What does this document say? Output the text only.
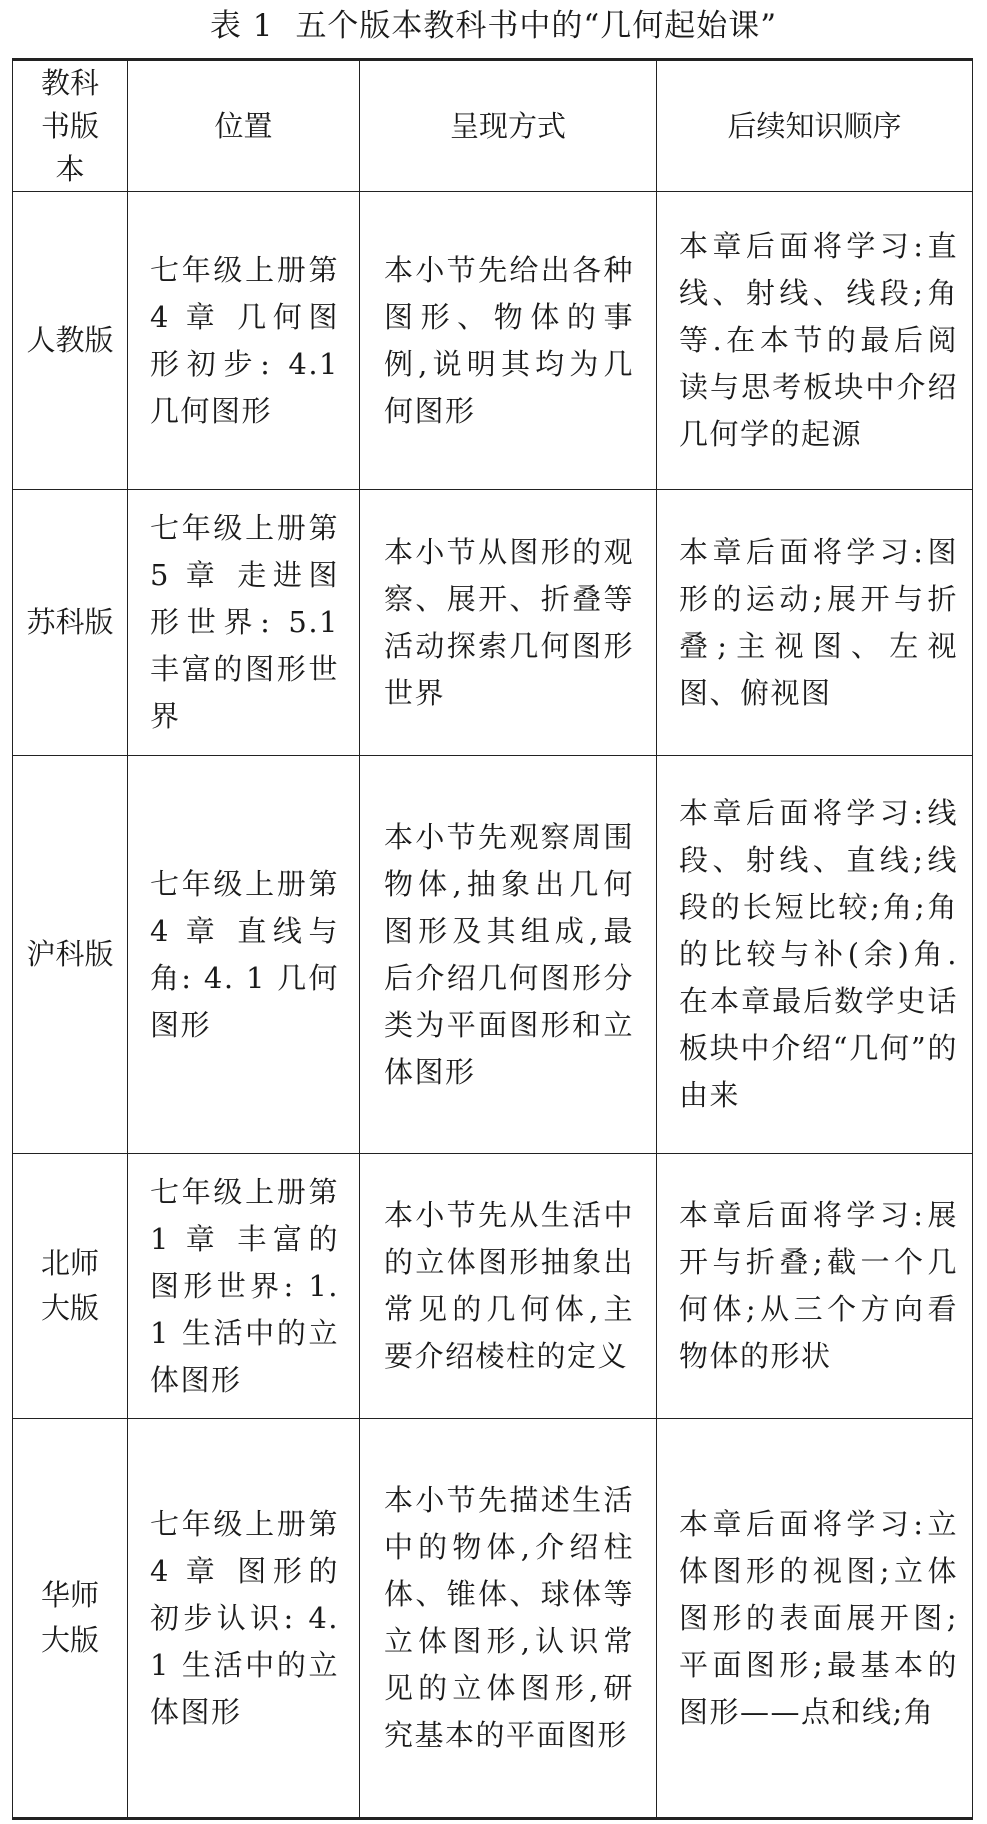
表 1 五个版本教科书中的“几何起始课”
教科书版本	位置	呈现方式	后续知识顺序
人教版	七年级上册第 4 章 几何图形初步: 4.1 几何图形	本小节先给出各种图形、物体的事例,说明其均为几何图形	本章后面将学习:直线、射线、线段;角等.在本节的最后阅读与思考板块中介绍几何学的起源
苏科版	七年级上册第 5 章 走进图形世界: 5.1 丰富的图形世界	本小节从图形的观察、展开、折叠等活动探索几何图形世界	本章后面将学习:图形的运动;展开与折叠;主视图、左视图、俯视图
沪科版	七年级上册第 4 章 直线与角: 4. 1 几何图形	本小节先观察周围物体,抽象出几何图形及其组成,最后介绍几何图形分类为平面图形和立体图形	本章后面将学习:线段、射线、直线;线段的长短比较;角;角的比较与补(余)角.在本章最后数学史话板块中介绍“几何”的由来
北师大版	七年级上册第 1 章 丰富的图形世界: 1.1 生活中的立体图形	本小节先从生活中的立体图形抽象出常见的几何体,主要介绍棱柱的定义	本章后面将学习:展开与折叠;截一个几何体;从三个方向看物体的形状
华师大版	七年级上册第 4 章 图形的初步认识: 4.1 生活中的立体图形	本小节先描述生活中的物体,介绍柱体、锥体、球体等立体图形,认识常见的立体图形,研究基本的平面图形	本章后面将学习:立体图形的视图;立体图形的表面展开图;平面图形;最基本的图形——点和线;角
